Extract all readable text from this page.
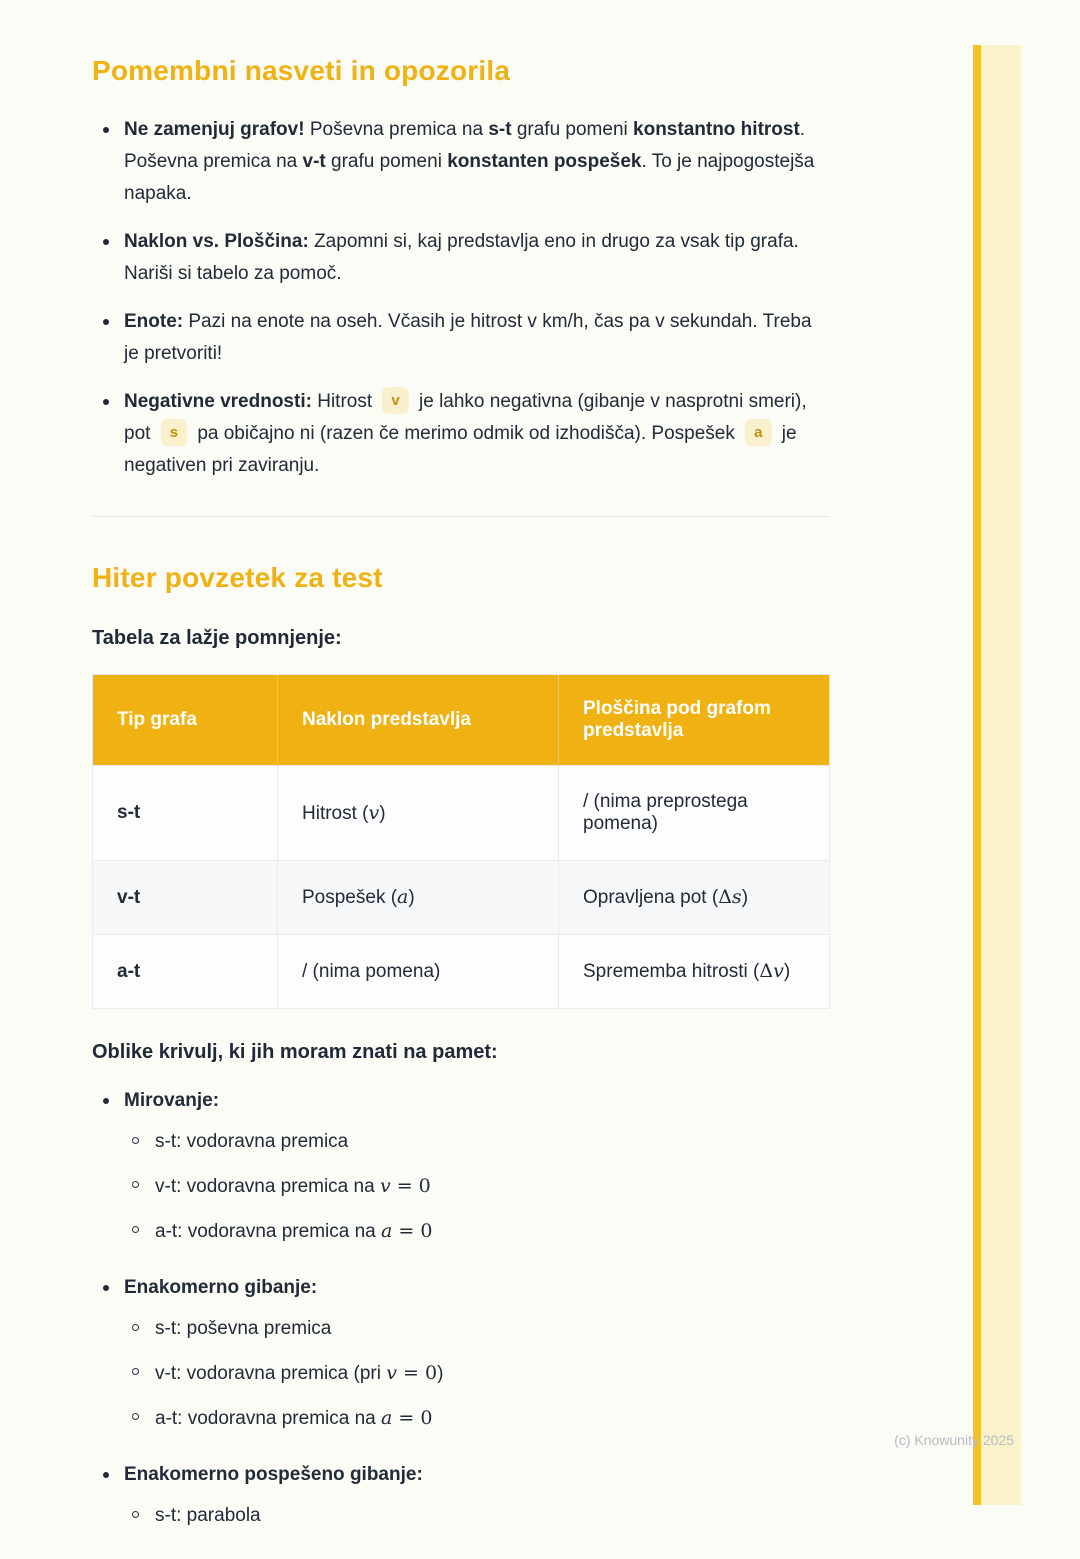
Pomembni nasveti in opozorila
Ne zamenjuj grafov! Poševna premica na s-t grafu pomeni konstantno hitrost. Poševna premica na v-t grafu pomeni konstanten pospešek. To je najpogostejša napaka.
Naklon vs. Ploščina: Zapomni si, kaj predstavlja eno in drugo za vsak tip grafa. Nariši si tabelo za pomoč.
Enote: Pazi na enote na oseh. Včasih je hitrost v km/h, čas pa v sekundah. Treba je pretvoriti!
Negativne vrednosti: Hitrost v je lahko negativna (gibanje v nasprotni smeri), pot s pa običajno ni (razen če merimo odmik od izhodišča). Pospešek a je negativen pri zaviranju.
Hiter povzetek za test

Tabela za lažje pomnjenje:

Tip grafa	Naklon predstavlja	Ploščina pod grafom predstavlja
s-t	Hitrost (v)	/ (nima preprostega pomena)
v-t	Pospešek (a)	Opravljena pot (Δs)
a-t	/ (nima pomena)	Sprememba hitrosti (Δv)

Oblike krivulj, ki jih moram znati na pamet:

Mirovanje:
s-t: vodoravna premica
v-t: vodoravna premica na v = 0
a-t: vodoravna premica na a = 0
Enakomerno gibanje:
s-t: poševna premica
v-t: vodoravna premica (pri v = 0)
a-t: vodoravna premica na a = 0
Enakomerno pospešeno gibanje:
s-t: parabola
(c) Knowunity 2025
